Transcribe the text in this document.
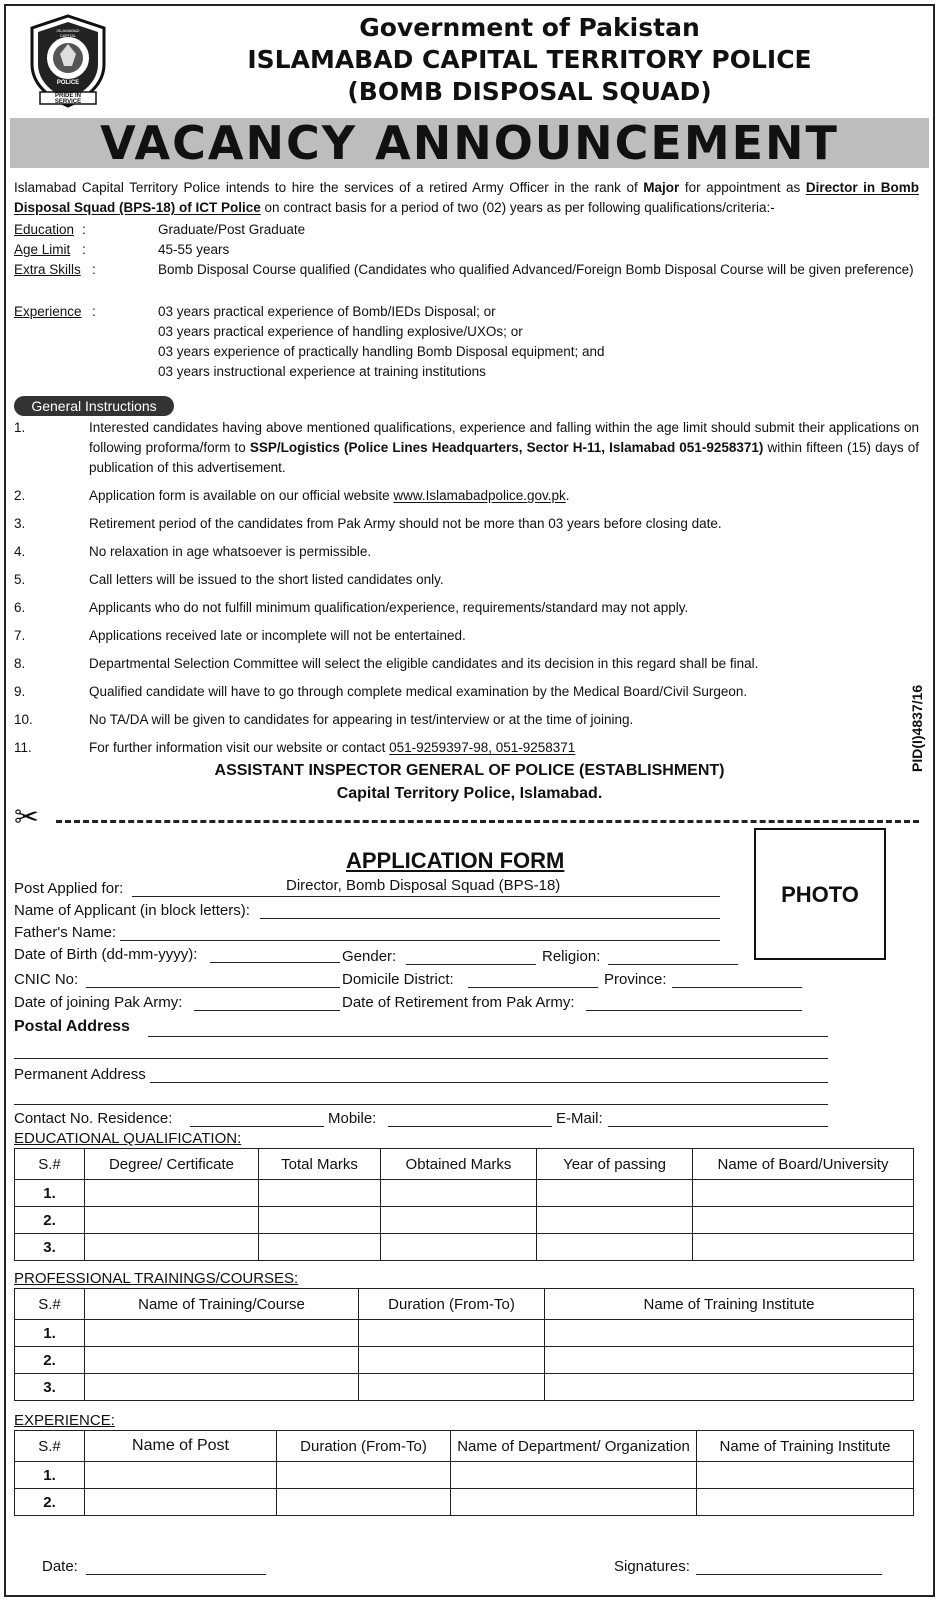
PRIDE IN SERVICE
ISLAMABAD CAPITAL TERRITORY
POLICE
Government of Pakistan
ISLAMABAD CAPITAL TERRITORY POLICE
(BOMB DISPOSAL SQUAD)
VACANCY ANNOUNCEMENT
Islamabad Capital Territory Police intends to hire the services of a retired Army Officer in the rank of Major for appointment as Director in Bomb Disposal Squad (BPS-18) of ICT Police on contract basis for a period of two (02) years as per following qualifications/criteria:-
Education :	Graduate/Post Graduate
Age Limit :	45-55 years
Extra Skills :	Bomb Disposal Course qualified (Candidates who qualified Advanced/Foreign Bomb Disposal Course will be given preference)
Experience :	03 years practical experience of Bomb/IEDs Disposal; or
03 years practical experience of handling explosive/UXOs; or
03 years experience of practically handling Bomb Disposal equipment; and
03 years instructional experience at training institutions
General Instructions
1.	Interested candidates having above mentioned qualifications, experience and falling within the age limit should submit their applications on following proforma/form to SSP/Logistics (Police Lines Headquarters, Sector H-11, Islamabad 051-9258371) within fifteen (15) days of publication of this advertisement.
2.	Application form is available on our official website www.Islamabadpolice.gov.pk.
3.	Retirement period of the candidates from Pak Army should not be more than 03 years before closing date.
4.	No relaxation in age whatsoever is permissible.
5.	Call letters will be issued to the short listed candidates only.
6.	Applicants who do not fulfill minimum qualification/experience, requirements/standard may not apply.
7.	Applications received late or incomplete will not be entertained.
8.	Departmental Selection Committee will select the eligible candidates and its decision in this regard shall be final.
9.	Qualified candidate will have to go through complete medical examination by the Medical Board/Civil Surgeon.
10.	No TA/DA will be given to candidates for appearing in test/interview or at the time of joining.
11.	For further information visit our website or contact 051-9259397-98, 051-9258371	PID(I)4837/16
ASSISTANT INSPECTOR GENERAL OF POLICE (ESTABLISHMENT)
Capital Territory Police, Islamabad.
✂
APPLICATION FORM
PHOTO
Post Applied for:	Director, Bomb Disposal Squad (BPS-18)
Name of Applicant (in block letters):
Father's Name:
Date of Birth (dd-mm-yyyy):	Gender:	Religion:
CNIC No:	Domicile District:	Province:
Date of joining Pak Army:	Date of Retirement from Pak Army:
Postal Address
Permanent Address
Contact No. Residence:	Mobile:	E-Mail:
EDUCATIONAL QUALIFICATION:
S.#	Degree/ Certificate	Total Marks	Obtained Marks	Year of passing	Name of Board/University
1.					
2.					
3.					
PROFESSIONAL TRAININGS/COURSES:
S.#	Name of Training/Course	Duration (From-To)	Name of Training Institute
1.			
2.			
3.			
EXPERIENCE:
S.#	Name of Post	Duration (From-To)	Name of Department/ Organization	Name of Training Institute
1.				
2.				
Date:	Signatures:
